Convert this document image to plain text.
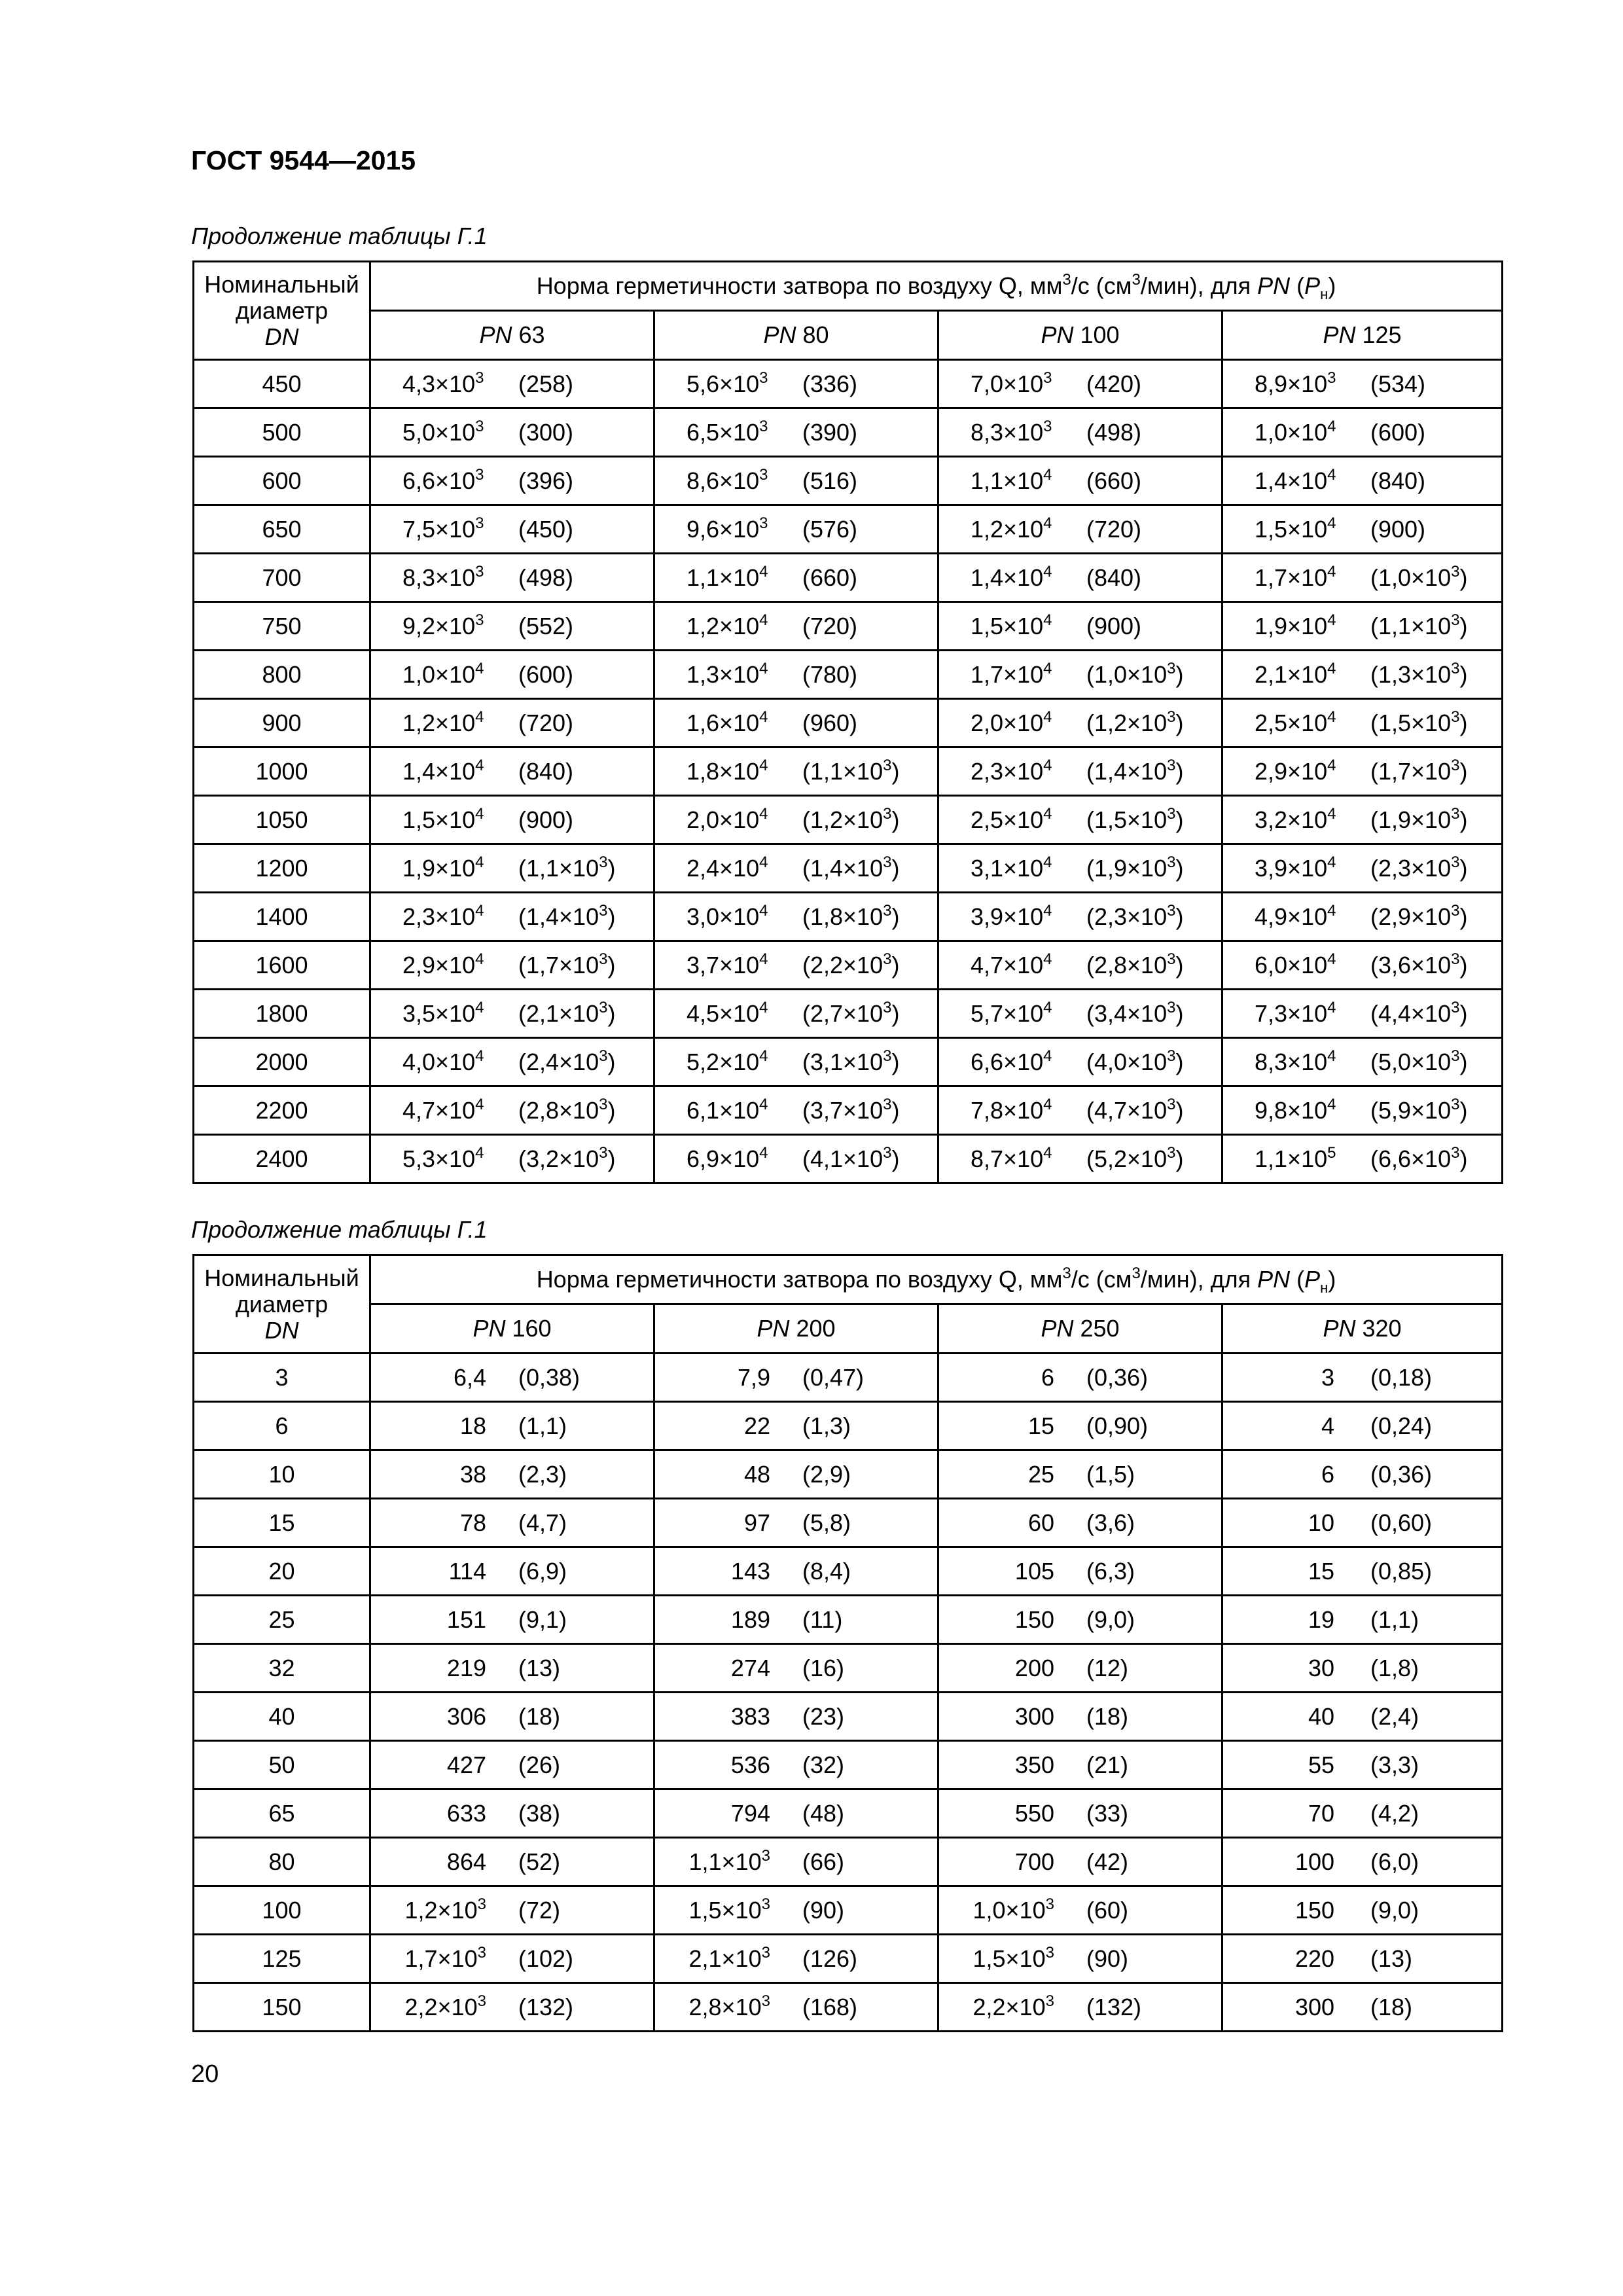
ГОСТ 9544—2015
Продолжение таблицы Г.1
Номинальный
диаметр
DN	Норма герметичности затвора по воздуху Q, $мм^3/с$ $(см^3/мин)$, для PN $(P_н)$			
	PN 63	PN 80	PN 100	PN 125
450	$4,3\times 10^3$ (258)	$5,6\times 10^3$ (336)	$7,0\times 10^3$ (420)	$8,9\times 10^3$ (534)

500	$5,0\times 10^3$ (300)	$6,5\times 10^3$ (390)	$8,3\times 10^3$ (498)	$1,0\times 10^4$ (600)

600	$6,6\times 10^3$ (396)	$8,6\times 10^3$ (516)	$1,1\times 10^4$ (660)	$1,4\times 10^4$ (840)

650	$7,5\times 10^3$ (450)	$9,6\times 10^3$ (576)	$1,2\times 10^4$ (720)	$1,5\times 10^4$ (900)

700	$8,3\times 10^3$ (498)	$1,1\times 10^4$ (660)	$1,4\times 10^4$ (840)	$1,7\times 10^4$ $(1,0\times 10^3)$

750	$9,2\times 10^3$ (552)	$1,2\times 10^4$ (720)	$1,5\times 10^4$ (900)	$1,9\times 10^4$ $(1,1\times 10^3)$

800	$1,0\times 10^4$ (600)	$1,3\times 10^4$ (780)	$1,7\times 10^4$ $(1,0\times 10^3)$	$2,1\times 10^4$ $(1,3\times 10^3)$

900	$1,2\times 10^4$ (720)	$1,6\times 10^4$ (960)	$2,0\times 10^4$ $(1,2\times 10^3)$	$2,5\times 10^4$ $(1,5\times 10^3)$

1000	$1,4\times 10^4$ (840)	$1,8\times 10^4$ $(1,1\times 10^3)$	$2,3\times 10^4$ $(1,4\times 10^3)$	$2,9\times 10^4$ $(1,7\times 10^3)$

1050	$1,5\times 10^4$ (900)	$2,0\times 10^4$ $(1,2\times 10^3)$	$2,5\times 10^4$ $(1,5\times 10^3)$	$3,2\times 10^4$ $(1,9\times 10^3)$

1200	$1,9\times 10^4$ $(1,1\times 10^3)$	$2,4\times 10^4$ $(1,4\times 10^3)$	$3,1\times 10^4$ $(1,9\times 10^3)$	$3,9\times 10^4$ $(2,3\times 10^3)$

1400	$2,3\times 10^4$ $(1,4\times 10^3)$	$3,0\times 10^4$ $(1,8\times 10^3)$	$3,9\times 10^4$ $(2,3\times 10^3)$	$4,9\times 10^4$ $(2,9\times 10^3)$

1600	$2,9\times 10^4$ $(1,7\times 10^3)$	$3,7\times 10^4$ $(2,2\times 10^3)$	$4,7\times 10^4$ $(2,8\times 10^3)$	$6,0\times 10^4$ $(3,6\times 10^3)$

1800	$3,5\times 10^4$ $(2,1\times 10^3)$	$4,5\times 10^4$ $(2,7\times 10^3)$	$5,7\times 10^4$ $(3,4\times 10^3)$	$7,3\times 10^4$ $(4,4\times 10^3)$

2000	$4,0\times 10^4$ $(2,4\times 10^3)$	$5,2\times 10^4$ $(3,1\times 10^3)$	$6,6\times 10^4$ $(4,0\times 10^3)$	$8,3\times 10^4$ $(5,0\times 10^3)$

2200	$4,7\times 10^4$ $(2,8\times 10^3)$	$6,1\times 10^4$ $(3,7\times 10^3)$	$7,8\times 10^4$ $(4,7\times 10^3)$	$9,8\times 10^4$ $(5,9\times 10^3)$

2400	$5,3\times 10^4$ $(3,2\times 10^3)$	$6,9\times 10^4$ $(4,1\times 10^3)$	$8,7\times 10^4$ $(5,2\times 10^3)$	$1,1\times 10^5$ $(6,6\times 10^3)$
Продолжение таблицы Г.1
Номинальный
диаметр
DN	Норма герметичности затвора по воздуху Q, $мм^3/с$ $(см^3/мин)$, для PN $(P_н)$			
	PN 160	PN 200	PN 250	PN 320
3	6,4 (0,38)	7,9 (0,47)	6 (0,36)	3 (0,18)

6	18 (1,1)	22 (1,3)	15 (0,90)	4 (0,24)

10	38 (2,3)	48 (2,9)	25 (1,5)	6 (0,36)

15	78 (4,7)	97 (5,8)	60 (3,6)	10 (0,60)

20	114 (6,9)	143 (8,4)	105 (6,3)	15 (0,85)

25	151 (9,1)	189 (11)	150 (9,0)	19 (1,1)

32	219 (13)	274 (16)	200 (12)	30 (1,8)

40	306 (18)	383 (23)	300 (18)	40 (2,4)

50	427 (26)	536 (32)	350 (21)	55 (3,3)

65	633 (38)	794 (48)	550 (33)	70 (4,2)

80	864 (52)	$1,1\times 10^3$ (66)	700 (42)	100 (6,0)

100	$1,2\times 10^3$ (72)	$1,5\times 10^3$ (90)	$1,0\times 10^3$ (60)	150 (9,0)

125	$1,7\times 10^3$ (102)	$2,1\times 10^3$ (126)	$1,5\times 10^3$ (90)	220 (13)

150	$2,2\times 10^3$ (132)	$2,8\times 10^3$ (168)	$2,2\times 10^3$ (132)	300 (18)
20
